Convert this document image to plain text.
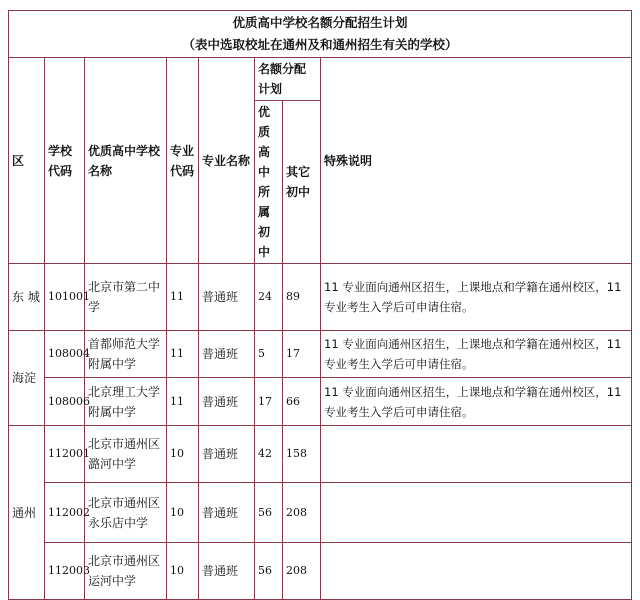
优质高中学校名额分配招生计划
（表中选取校址在通州及和通州招生有关的学校）							

区	学校代码	优质高中学校名称	专业代码	专业名称	名额分配计划		特殊说明
					优质高中所属初中	其它初中	
东 城	101001	北京市第二中学	11	普通班	24	89	11 专业面向通州区招生，上课地点和学籍在通州校区，11 专业考生入学后可申请住宿。
海淀	108004	首都师范大学附属中学	11	普通班	5	17	11 专业面向通州区招生，上课地点和学籍在通州校区，11 专业考生入学后可申请住宿。
	108006	北京理工大学附属中学	11	普通班	17	66	11 专业面向通州区招生，上课地点和学籍在通州校区，11 专业考生入学后可申请住宿。
通州	112001	北京市通州区潞河中学	10	普通班	42	158	
	112002	北京市通州区永乐店中学	10	普通班	56	208	
	112003	北京市通州区运河中学	10	普通班	56	208	
